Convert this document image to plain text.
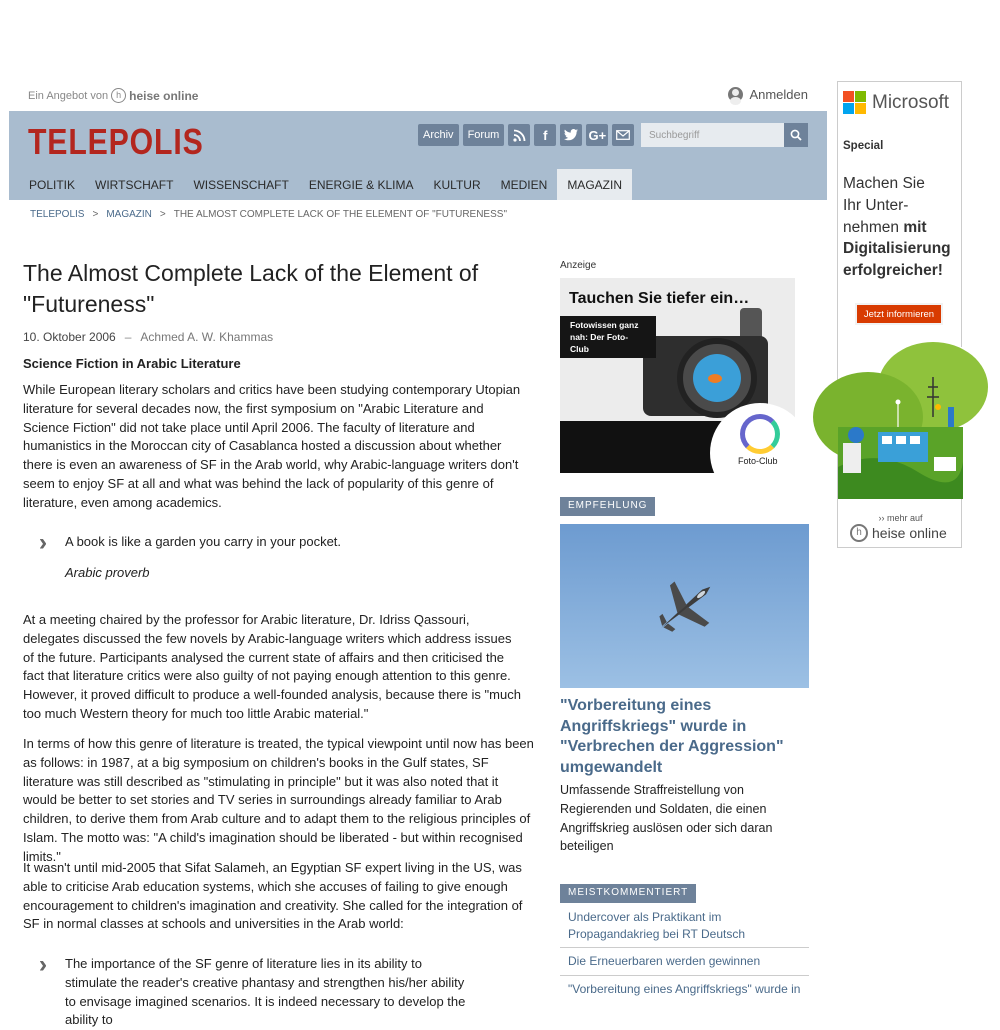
Ein Angebot von h heise online	Anmelden
TELEPOLIS	Archiv	Forum	f	G+	Suchbegriff
POLITIK	WIRTSCHAFT	WISSENSCHAFT	ENERGIE & KLIMA	KULTUR	MEDIEN	MAGAZIN
TELEPOLIS > MAGAZIN > THE ALMOST COMPLETE LACK OF THE ELEMENT OF "FUTURENESS"
The Almost Complete Lack of the Element of "Futureness"
10. Oktober 2006 – Achmed A. W. Khammas
Science Fiction in Arabic Literature

While European literary scholars and critics have been studying contemporary Utopian literature for several decades now, the first symposium on "Arabic Literature and Science Fiction" did not take place until April 2006. The faculty of literature and humanistics in the Moroccan city of Casablanca hosted a discussion about whether there is even an awareness of SF in the Arab world, why Arabic-language writers don't seem to enjoy SF at all and what was behind the lack of popularity of this genre of literature, even among academics.

A book is like a garden you carry in your pocket.
Arabic proverb

At a meeting chaired by the professor for Arabic literature, Dr. Idriss Qassouri, delegates discussed the few novels by Arabic-language writers which address issues of the future. Participants analysed the current state of affairs and then criticised the fact that literature critics were also guilty of not paying enough attention to this genre. However, it proved difficult to produce a well-founded analysis, because there is "much too much Western theory for much too little Arabic material."

In terms of how this genre of literature is treated, the typical viewpoint until now has been as follows: in 1987, at a big symposium on children's books in the Gulf states, SF literature was still described as "stimulating in principle" but it was also noted that it would be better to set stories and TV series in surroundings already familiar to Arab children, to derive them from Arab culture and to adapt them to the religious principles of Islam. The motto was: "A child's imagination should be liberated - but within recognised limits."

It wasn't until mid-2005 that Sifat Salameh, an Egyptian SF expert living in the US, was able to criticise Arab education systems, which she accuses of failing to give enough encouragement to children's imagination and creativity. She called for the integration of SF in normal classes at schools and universities in the Arab world:

The importance of the SF genre of literature lies in its ability to stimulate the reader's creative phantasy and strengthen his/her ability to envisage imagined scenarios. It is indeed necessary to develop the ability to
Anzeige
Tauchen Sie tiefer ein…
Fotowissen ganz nah: Der Foto-Club
Foto-Club
EMPFEHLUNG
"Vorbereitung eines Angriffskriegs" wurde in "Verbrechen der Aggression" umgewandelt
Umfassende Straffreistellung von Regierenden und Soldaten, die einen Angriffskrieg auslösen oder sich daran beteiligen
MEISTKOMMENTIERT
Undercover als Praktikant im Propagandakrieg bei RT Deutsch
Die Erneuerbaren werden gewinnen
"Vorbereitung eines Angriffskriegs" wurde in
Microsoft
Special
Machen Sie
Ihr Unter-
nehmen mit
Digitalisierung
erfolgreicher!
Jetzt informieren
›› mehr auf
h heise online
